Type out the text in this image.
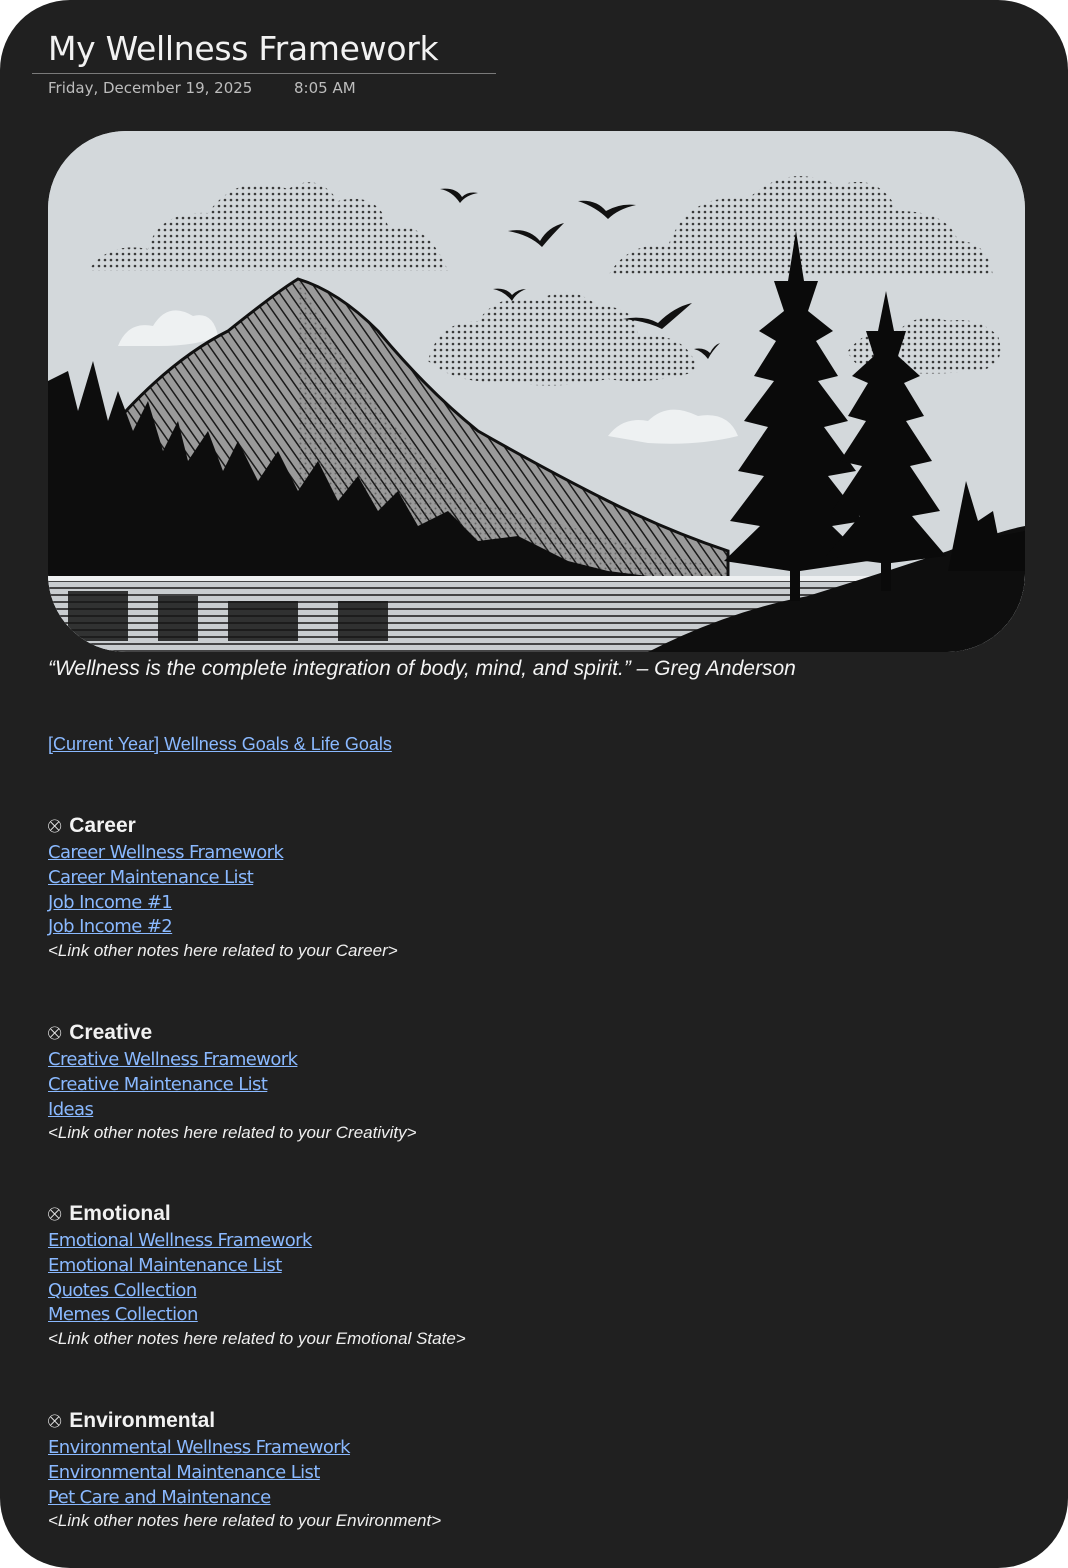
My Wellness Framework
Friday, December 19, 2025	8:05 AM

“Wellness is the complete integration of body, mind, and spirit.” – Greg Anderson

[Current Year] Wellness Goals & Life Goals
⛒ Career
Career Wellness Framework
Career Maintenance List
Job Income #1
Job Income #2
<Link other notes here related to your Career>
⛒ Creative
Creative Wellness Framework
Creative Maintenance List
Ideas
<Link other notes here related to your Creativity>
⛒ Emotional
Emotional Wellness Framework
Emotional Maintenance List
Quotes Collection
Memes Collection
<Link other notes here related to your Emotional State>
⛒ Environmental
Environmental Wellness Framework
Environmental Maintenance List
Pet Care and Maintenance
<Link other notes here related to your Environment>
